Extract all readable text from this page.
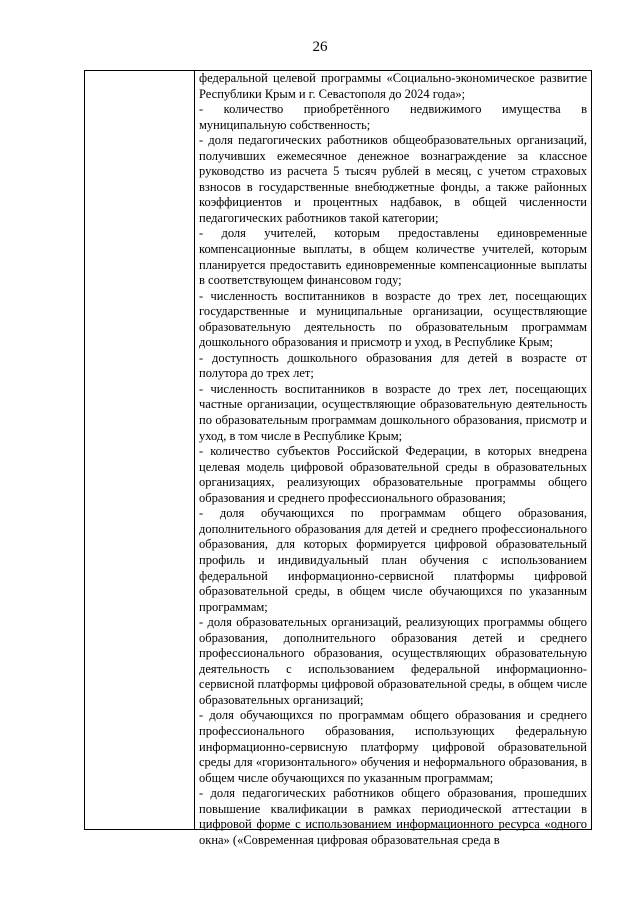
26

федеральной целевой программы «Социально-экономическое развитие Республики Крым и г. Севастополя до 2024 года»;

- количество приобретённого недвижимого имущества в муниципальную собственность;

- доля педагогических работников общеобразовательных организаций, получивших ежемесячное денежное вознаграждение за классное руководство из расчета 5 тысяч рублей в месяц, с учетом страховых взносов в государственные внебюджетные фонды, а также районных коэффициентов и процентных надбавок, в общей численности педагогических работников такой категории;

- доля учителей, которым предоставлены единовременные компенсационные выплаты, в общем количестве учителей, которым планируется предоставить единовременные компенсационные выплаты в соответствующем финансовом году;

- численность воспитанников в возрасте до трех лет, посещающих государственные и муниципальные организации, осуществляющие образовательную деятельность по образовательным программам дошкольного образования и присмотр и уход, в Республике Крым;

- доступность дошкольного образования для детей в возрасте от полутора до трех лет;

- численность воспитанников в возрасте до трех лет, посещающих частные организации, осуществляющие образовательную деятельность по образовательным программам дошкольного образования, присмотр и уход, в том числе в Республике Крым;

- количество субъектов Российской Федерации, в которых внедрена целевая модель цифровой образовательной среды в образовательных организациях, реализующих образовательные программы общего образования и среднего профессионального образования;

- доля обучающихся по программам общего образования, дополнительного образования для детей и среднего профессионального образования, для которых формируется цифровой образовательный профиль и индивидуальный план обучения с использованием федеральной информационно-сервисной платформы цифровой образовательной среды, в общем числе обучающихся по указанным программам;

- доля образовательных организаций, реализующих программы общего образования, дополнительного образования детей и среднего профессионального образования, осуществляющих образовательную деятельность с использованием федеральной информационно-сервисной платформы цифровой образовательной среды, в общем числе образовательных организаций;

- доля обучающихся по программам общего образования и среднего профессионального образования, использующих федеральную информационно-сервисную платформу цифровой образовательной среды для «горизонтального» обучения и неформального образования, в общем числе обучающихся по указанным программам;

- доля педагогических работников общего образования, прошедших повышение квалификации в рамках периодической аттестации в цифровой форме с использованием информационного ресурса «одного окна» («Современная цифровая образовательная среда в
